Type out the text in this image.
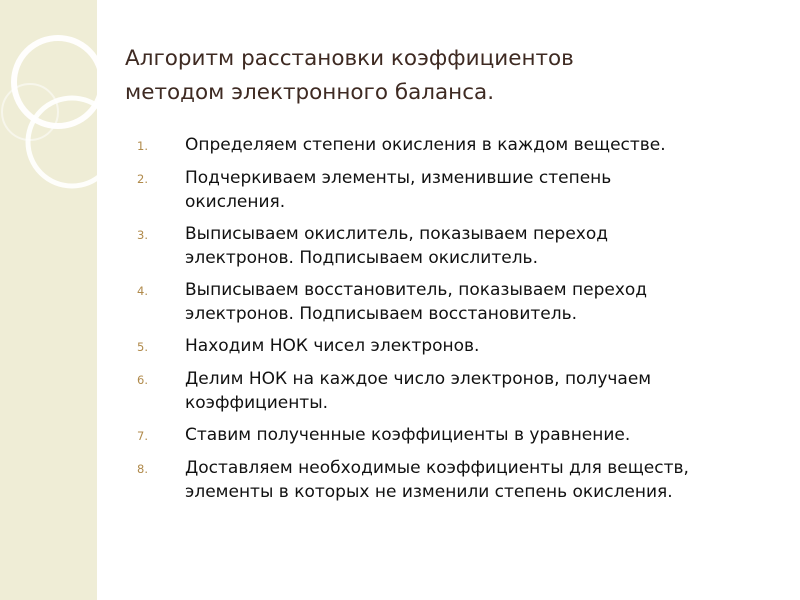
Алгоритм расстановки коэффициентов
методом электронного баланса.
1.	Определяем степени окисления в каждом веществе.
2.	Подчеркиваем элементы, изменившие степень
окисления.
3.	Выписываем окислитель, показываем переход
электронов. Подписываем окислитель.
4.	Выписываем восстановитель, показываем переход
электронов. Подписываем восстановитель.
5.	Находим НОК чисел электронов.
6.	Делим НОК на каждое число электронов, получаем
коэффициенты.
7.	Ставим полученные коэффициенты в уравнение.
8.	Доставляем необходимые коэффициенты для веществ,
элементы в которых не изменили степень окисления.
